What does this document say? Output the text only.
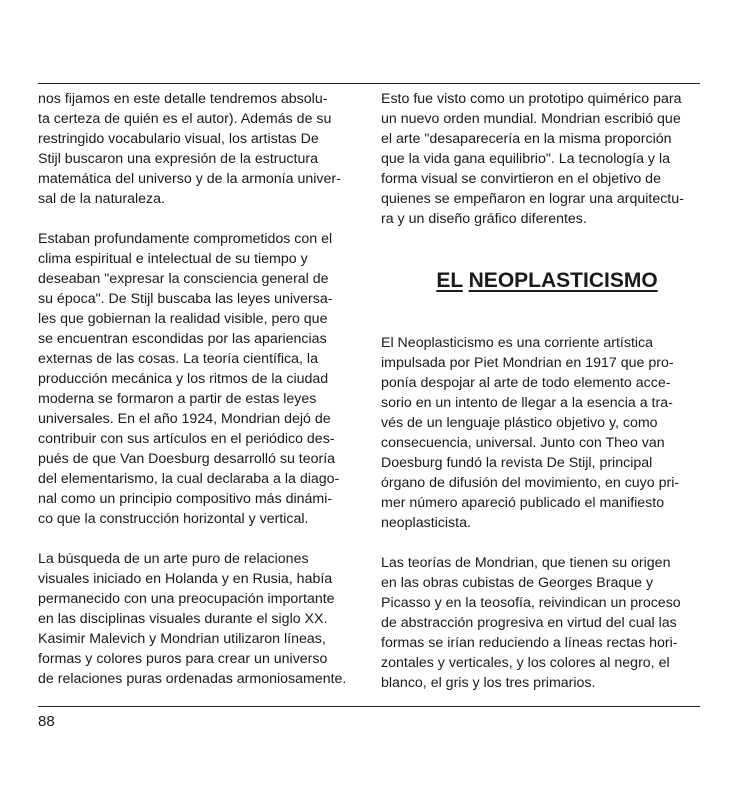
nos fijamos en este detalle tendremos absolu-
ta certeza de quién es el autor). Además de su
restringido vocabulario visual, los artistas De
Stijl buscaron una expresión de la estructura
matemática del universo y de la armonía univer-
sal de la naturaleza.

Estaban profundamente comprometidos con el
clima espiritual e intelectual de su tiempo y
deseaban "expresar la consciencia general de
su época". De Stijl buscaba las leyes universa-
les que gobiernan la realidad visible, pero que
se encuentran escondidas por las apariencias
externas de las cosas. La teoría científica, la
producción mecánica y los ritmos de la ciudad
moderna se formaron a partir de estas leyes
universales. En el año 1924, Mondrian dejó de
contribuir con sus artículos en el periódico des-
pués de que Van Doesburg desarrolló su teoría
del elementarismo, la cual declaraba a la diago-
nal como un principio compositivo más dinámi-
co que la construcción horizontal y vertical.

La búsqueda de un arte puro de relaciones
visuales iniciado en Holanda y en Rusia, había
permanecido con una preocupación importante
en las disciplinas visuales durante el siglo XX.
Kasimir Malevich y Mondrian utilizaron líneas,
formas y colores puros para crear un universo
de relaciones puras ordenadas armoniosamente.

Esto fue visto como un prototipo quimérico para
un nuevo orden mundial. Mondrian escribió que
el arte "desaparecería en la misma proporción
que la vida gana equilibrio". La tecnología y la
forma visual se convirtieron en el objetivo de
quienes se empeñaron en lograr una arquitectu-
ra y un diseño gráfico diferentes.

EL NEOPLASTICISMO

El Neoplasticismo es una corriente artística
impulsada por Piet Mondrian en 1917 que pro-
ponía despojar al arte de todo elemento acce-
sorio en un intento de llegar a la esencia a tra-
vés de un lenguaje plástico objetivo y, como
consecuencia, universal. Junto con Theo van
Doesburg fundó la revista De Stijl, principal
órgano de difusión del movimiento, en cuyo pri-
mer número apareció publicado el manifiesto
neoplasticista.

Las teorías de Mondrian, que tienen su origen
en las obras cubistas de Georges Braque y
Picasso y en la teosofía, reivindican un proceso
de abstracción progresiva en virtud del cual las
formas se irían reduciendo a líneas rectas hori-
zontales y verticales, y los colores al negro, el
blanco, el gris y los tres primarios.

88
